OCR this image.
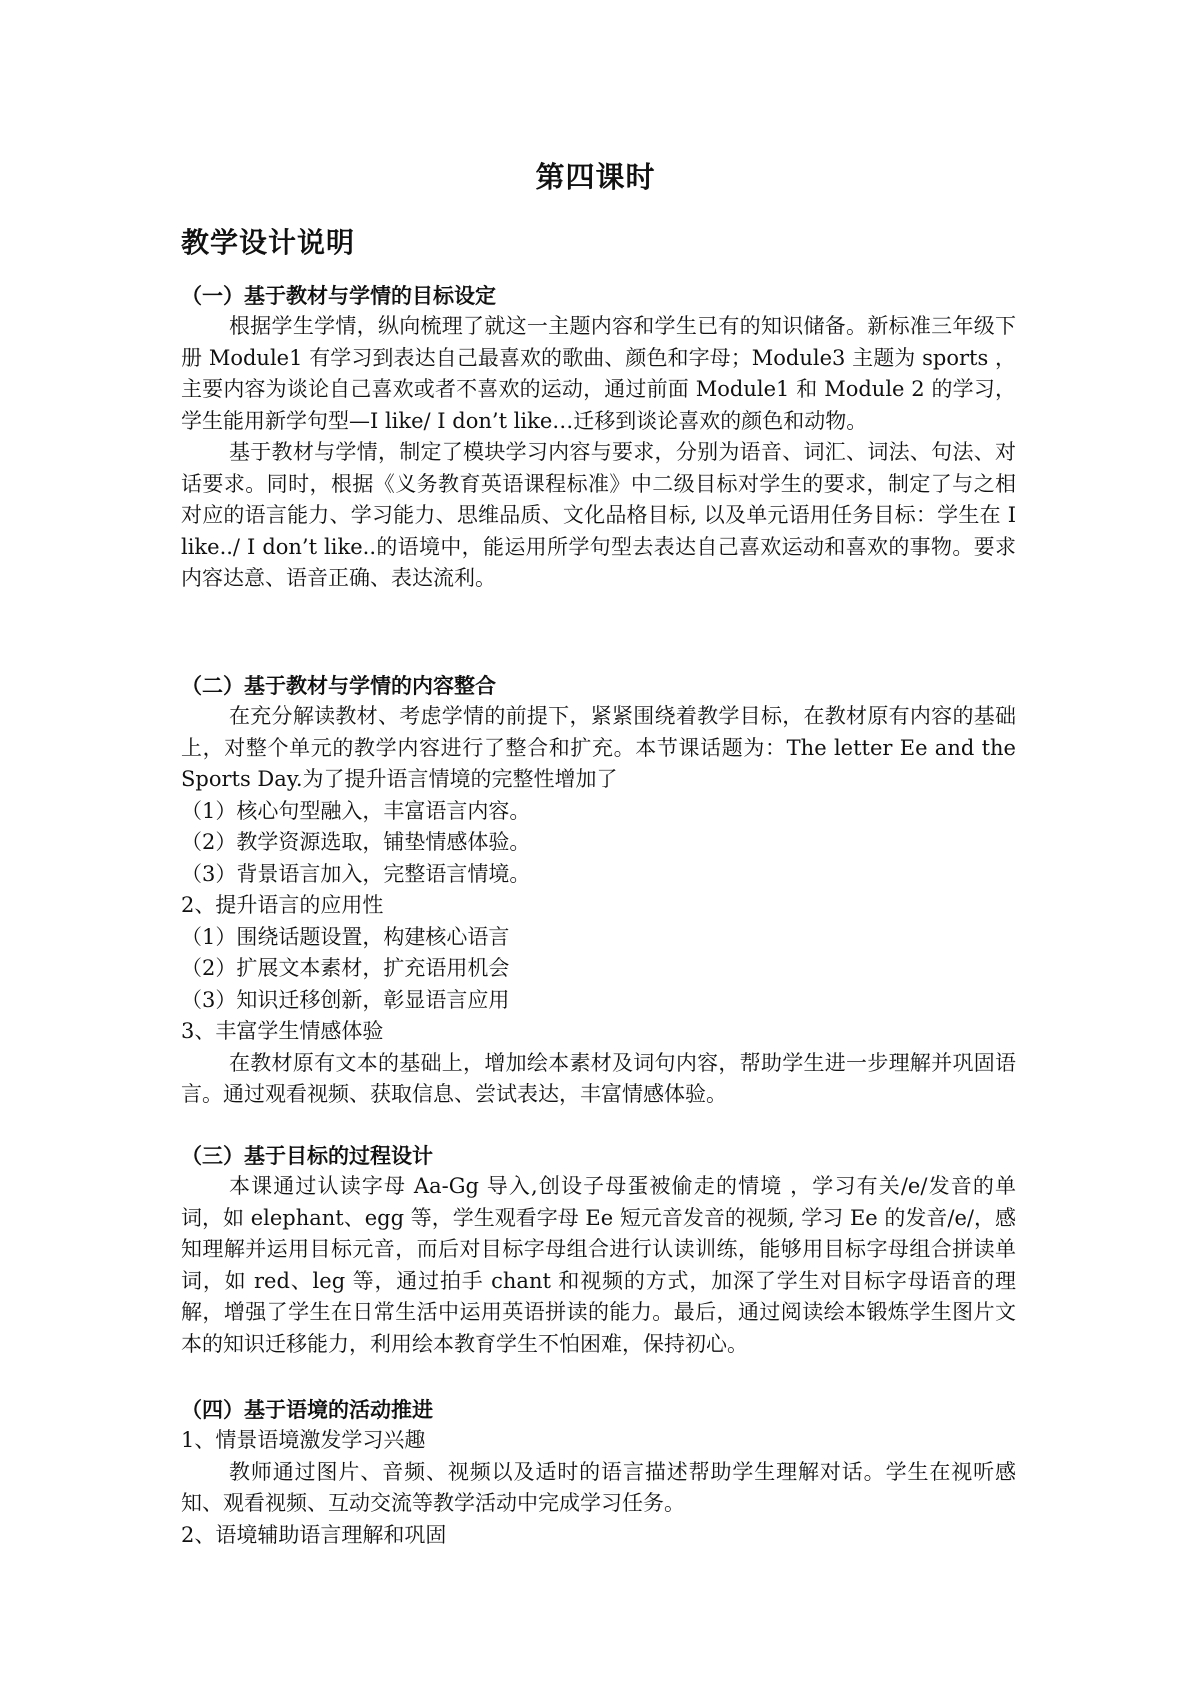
第四课时
教学设计说明
（一）基于教材与学情的目标设定

根据学生学情，纵向梳理了就这一主题内容和学生已有的知识储备。新标准三年级下册 Module1 有学习到表达自己最喜欢的歌曲、颜色和字母；Module3 主题为 sports ，主要内容为谈论自己喜欢或者不喜欢的运动，通过前面 Module1 和 Module 2 的学习，学生能用新学句型—I like/ I don’t like…迁移到谈论喜欢的颜色和动物。

基于教材与学情，制定了模块学习内容与要求，分别为语音、词汇、词法、句法、对话要求。同时，根据《义务教育英语课程标准》中二级目标对学生的要求，制定了与之相对应的语言能力、学习能力、思维品质、文化品格目标, 以及单元语用任务目标：学生在 I like../ I don’t like..的语境中，能运用所学句型去表达自己喜欢运动和喜欢的事物。要求内容达意、语音正确、表达流利。

（二）基于教材与学情的内容整合

在充分解读教材、考虑学情的前提下，紧紧围绕着教学目标，在教材原有内容的基础上，对整个单元的教学内容进行了整合和扩充。本节课话题为：The letter Ee and the Sports Day.为了提升语言情境的完整性增加了

（1）核心句型融入，丰富语言内容。
（2）教学资源选取，铺垫情感体验。
（3）背景语言加入，完整语言情境。
2、提升语言的应用性
（1）围绕话题设置，构建核心语言
（2）扩展文本素材，扩充语用机会
（3）知识迁移创新，彰显语言应用
3、丰富学生情感体验

在教材原有文本的基础上，增加绘本素材及词句内容，帮助学生进一步理解并巩固语言。通过观看视频、获取信息、尝试表达，丰富情感体验。

（三）基于目标的过程设计

本课通过认读字母 Aa-Gg 导入,创设子母蛋被偷走的情境 ，学习有关/e/发音的单词，如 elephant、egg 等，学生观看字母 Ee 短元音发音的视频, 学习 Ee 的发音/e/，感知理解并运用目标元音，而后对目标字母组合进行认读训练，能够用目标字母组合拼读单词，如 red、leg 等，通过拍手 chant 和视频的方式，加深了学生对目标字母语音的理解，增强了学生在日常生活中运用英语拼读的能力。最后，通过阅读绘本锻炼学生图片文本的知识迁移能力，利用绘本教育学生不怕困难，保持初心。

（四）基于语境的活动推进
1、情景语境激发学习兴趣

教师通过图片、音频、视频以及适时的语言描述帮助学生理解对话。学生在视听感知、观看视频、互动交流等教学活动中完成学习任务。

2、语境辅助语言理解和巩固
